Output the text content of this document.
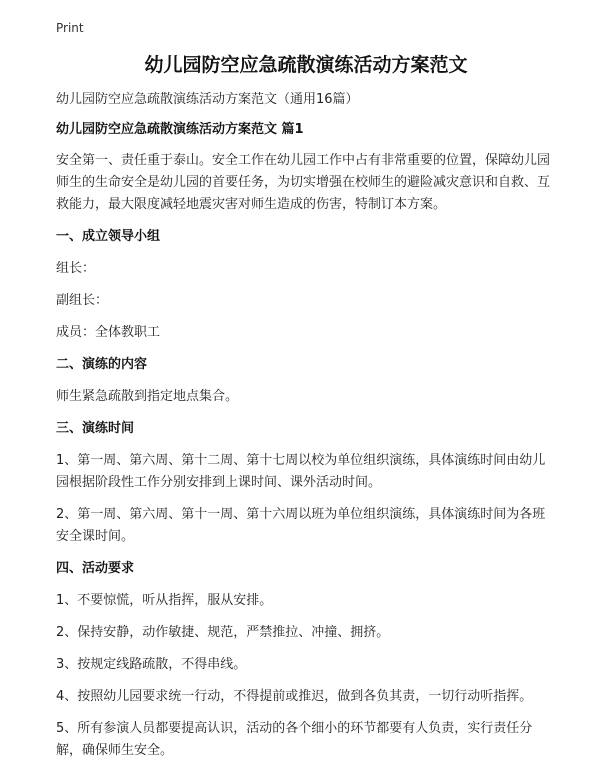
Print
幼儿园防空应急疏散演练活动方案范文

幼儿园防空应急疏散演练活动方案范文（通用16篇）

幼儿园防空应急疏散演练活动方案范文 篇1

安全第一、责任重于泰山。安全工作在幼儿园工作中占有非常重要的位置，保障幼儿园师生的生命安全是幼儿园的首要任务，为切实增强在校师生的避险减灾意识和自救、互救能力，最大限度减轻地震灾害对师生造成的伤害，特制订本方案。

一、成立领导小组

组长：

副组长：

成员：全体教职工

二、演练的内容

师生紧急疏散到指定地点集合。

三、演练时间

1、第一周、第六周、第十二周、第十七周以校为单位组织演练，具体演练时间由幼儿园根据阶段性工作分别安排到上课时间、课外活动时间。

2、第一周、第六周、第十一周、第十六周以班为单位组织演练，具体演练时间为各班安全课时间。

四、活动要求

1、不要惊慌，听从指挥，服从安排。

2、保持安静，动作敏捷、规范，严禁推拉、冲撞、拥挤。

3、按规定线路疏散，不得串线。

4、按照幼儿园要求统一行动，不得提前或推迟，做到各负其责，一切行动听指挥。

5、所有参演人员都要提高认识，活动的各个细小的环节都要有人负责，实行责任分解，确保师生安全。
